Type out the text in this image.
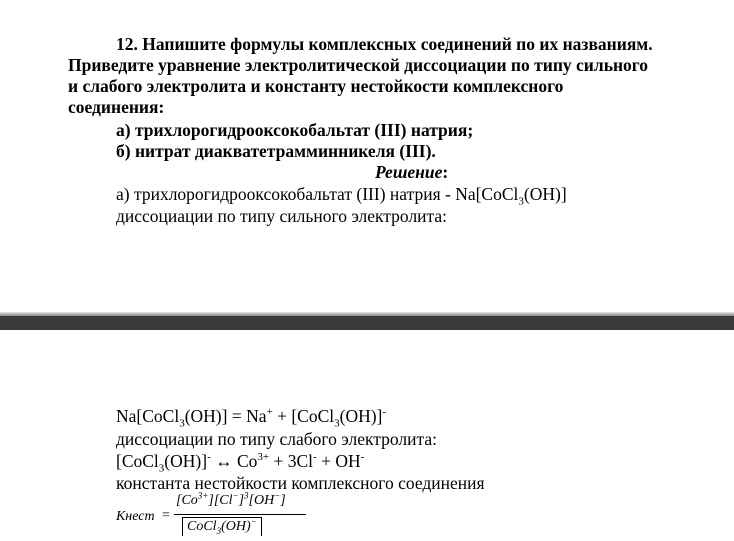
12. Напишите формулы комплексных соединений по их названиям.
Приведите уравнение электролитической диссоциации по типу сильного
и слабого электролита и константу нестойкости комплексного
соединения:
а) трихлорогидрооксокобальтат (III) натрия;
б) нитрат диакватетрамминникеля (III).
Решение:
а) трихлорогидрооксокобальтат (III) натрия - Na[CoCl$_3$(OH)]
диссоциации по типу сильного электролита:
Na[CoCl$_3$(OH)] = Na+ + [CoCl$_3$(OH)]-
диссоциации по типу слабого электролита:
[CoCl$_3$(OH)]- ↔ $Co^{3+} + 3Cl^- + OH^-$
константа нестойкости комплексного соединения
Кнест =
$[Co^{3+}][Cl^-]^3[OH^-]$
CoCl$_3$(OH)−
